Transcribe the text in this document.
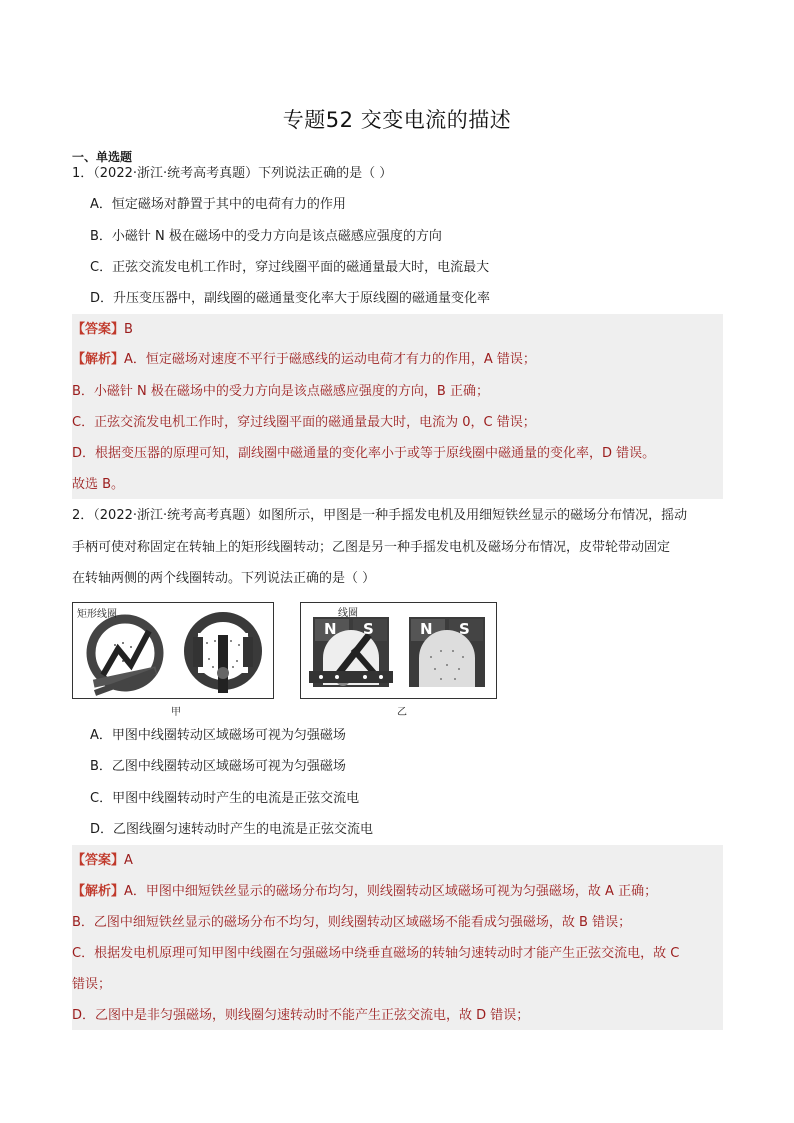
专题52 交变电流的描述
一、单选题
1．（2022·浙江·统考高考真题）下列说法正确的是（ ）
A．恒定磁场对静置于其中的电荷有力的作用
B．小磁针 N 极在磁场中的受力方向是该点磁感应强度的方向
C．正弦交流发电机工作时，穿过线圈平面的磁通量最大时，电流最大
D．升压变压器中，副线圈的磁通量变化率大于原线圈的磁通量变化率
【答案】B
【解析】A．恒定磁场对速度不平行于磁感线的运动电荷才有力的作用，A 错误；
B．小磁针 N 极在磁场中的受力方向是该点磁感应强度的方向，B 正确；
C．正弦交流发电机工作时，穿过线圈平面的磁通量最大时，电流为 0，C 错误；
D．根据变压器的原理可知，副线圈中磁通量的变化率小于或等于原线圈中磁通量的变化率，D 错误。
故选 B。
2．（2022·浙江·统考高考真题）如图所示，甲图是一种手摇发电机及用细短铁丝显示的磁场分布情况，摇动
手柄可使对称固定在转轴上的矩形线圈转动；乙图是另一种手摇发电机及磁场分布情况，皮带轮带动固定
在转轴两侧的两个线圈转动。下列说法正确的是（ ）
矩形线圈
甲
线圈
N S	N S
乙
A．甲图中线圈转动区域磁场可视为匀强磁场
B．乙图中线圈转动区域磁场可视为匀强磁场
C．甲图中线圈转动时产生的电流是正弦交流电
D．乙图线圈匀速转动时产生的电流是正弦交流电
【答案】A
【解析】A．甲图中细短铁丝显示的磁场分布均匀，则线圈转动区域磁场可视为匀强磁场，故 A 正确；
B．乙图中细短铁丝显示的磁场分布不均匀，则线圈转动区域磁场不能看成匀强磁场，故 B 错误；
C．根据发电机原理可知甲图中线圈在匀强磁场中绕垂直磁场的转轴匀速转动时才能产生正弦交流电，故 C
错误；
D．乙图中是非匀强磁场，则线圈匀速转动时不能产生正弦交流电，故 D 错误；
